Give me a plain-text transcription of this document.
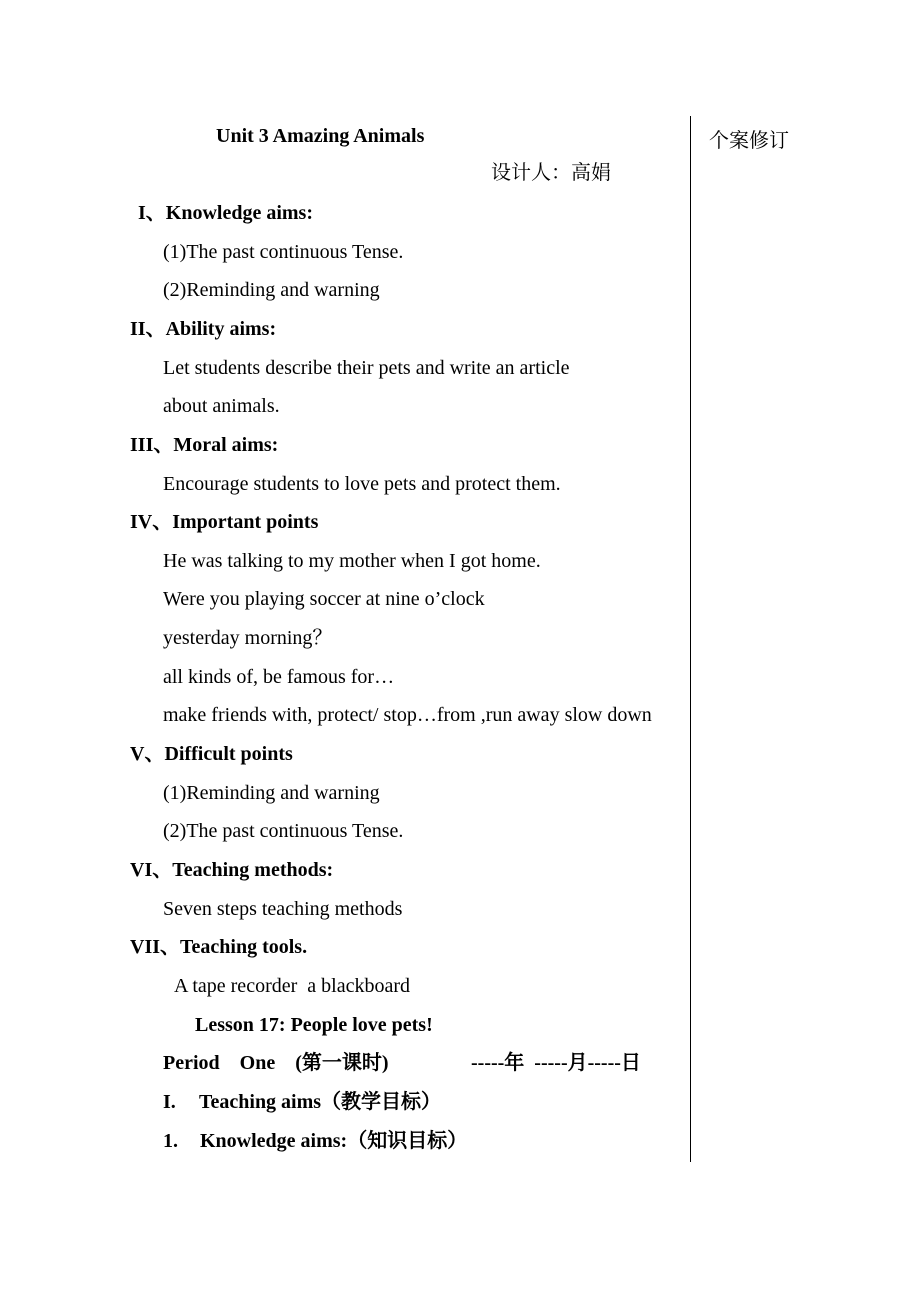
Unit 3 Amazing Animals
设计人：高娟
个案修订
I、Knowledge aims:
(1)The past continuous Tense.
(2)Reminding and warning
II、Ability aims:
Let students describe their pets and write an article
about animals.
III、Moral aims:
Encourage students to love pets and protect them.
IV、Important points
He was talking to my mother when I got home.
Were you playing soccer at nine o’clock
yesterday morning？
all kinds of, be famous for…
make friends with, protect/ stop…from ,run away slow down
V、Difficult points
(1)Reminding and warning
(2)The past continuous Tense.
VI、Teaching methods:
Seven steps teaching methods
VII、Teaching tools.
A tape recorder  a blackboard
Lesson 17: People love pets!
Period    One    (第一课时)	-----年  -----月-----日
I. Teaching aims（教学目标）
1. Knowledge aims:（知识目标）
